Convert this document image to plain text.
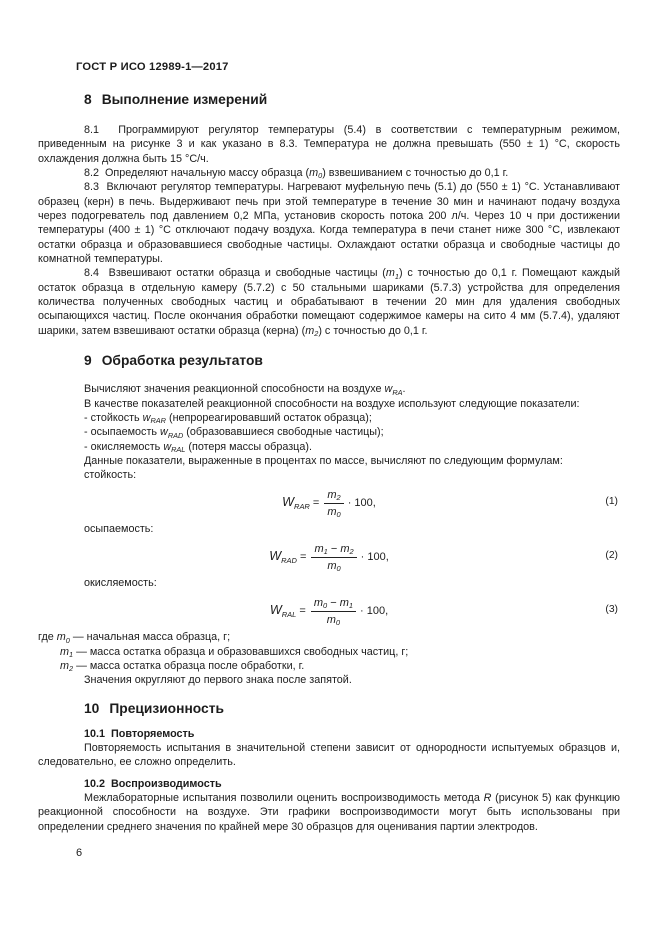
ГОСТ Р ИСО 12989-1—2017
8 Выполнение измерений

8.1  Программируют регулятор температуры (5.4) в соответствии с температурным режимом, приведенным на рисунке 3 и как указано в 8.3. Температура не должна превышать (550 ± 1) °С, скорость охлаждения должна быть 15 °С/ч.

8.2  Определяют начальную массу образца $(m_0)$ взвешиванием с точностью до 0,1 г.

8.3  Включают регулятор температуры. Нагревают муфельную печь (5.1) до (550 ± 1) °С. Устанавливают образец (керн) в печь. Выдерживают печь при этой температуре в течение 30 мин и начинают подачу воздуха через подогреватель под давлением 0,2 МПа, установив скорость потока 200 л/ч. Через 10 ч при достижении температуры (400 ± 1) °С отключают подачу воздуха. Когда температура в печи станет ниже 300 °С, извлекают остатки образца и образовавшиеся свободные частицы. Охлаждают остатки образца и свободные частицы до комнатной температуры.

8.4  Взвешивают остатки образца и свободные частицы $(m_1)$ с точностью до 0,1 г. Помещают каждый остаток образца в отдельную камеру (5.7.2) с 50 стальными шариками (5.7.3) устройства для определения количества полученных свободных частиц и обрабатывают в течении 20 мин для удаления свободных осыпающихся частиц. После окончания обработки помещают содержимое камеры на сито 4 мм (5.7.4), удаляют шарики, затем взвешивают остатки образца (керна) $(m_2)$ с точностью до 0,1 г.

9 Обработка результатов

Вычисляют значения реакционной способности на воздухе $w_{RA}$.

В качестве показателей реакционной способности на воздухе используют следующие показатели:

- стойкость $w_{RAR}$ (непрореагировавший остаток образца);

- осыпаемость $w_{RAD}$ (образовавшиеся свободные частицы);

- окисляемость $w_{RAL}$ (потеря массы образца).

Данные показатели, выраженные в процентах по массе, вычисляют по следующим формулам:

стойкость:

$W_{RAR} = \frac{m_2}{m_0} \cdot 100$,	(1)

осыпаемость:

$W_{RAD} = \frac{m_1 - m_2}{m_0} \cdot 100$,	(2)

окисляемость:

$W_{RAL} = \frac{m_0 - m_1}{m_0} \cdot 100$,	(3)

где $m_0$ — начальная масса образца, г;

$m_1$ — масса остатка образца и образовавшихся свободных частиц, г;

$m_2$ — масса остатка образца после обработки, г.

Значения округляют до первого знака после запятой.

10 Прецизионность

10.1  Повторяемость

Повторяемость испытания в значительной степени зависит от однородности испытуемых образцов и, следовательно, ее сложно определить.

10.2  Воспроизводимость

Межлабораторные испытания позволили оценить воспроизводимость метода R (рисунок 5) как функцию реакционной способности на воздухе. Эти графики воспроизводимости могут быть использованы при определении среднего значения по крайней мере 30 образцов для оценивания партии электродов.

6
